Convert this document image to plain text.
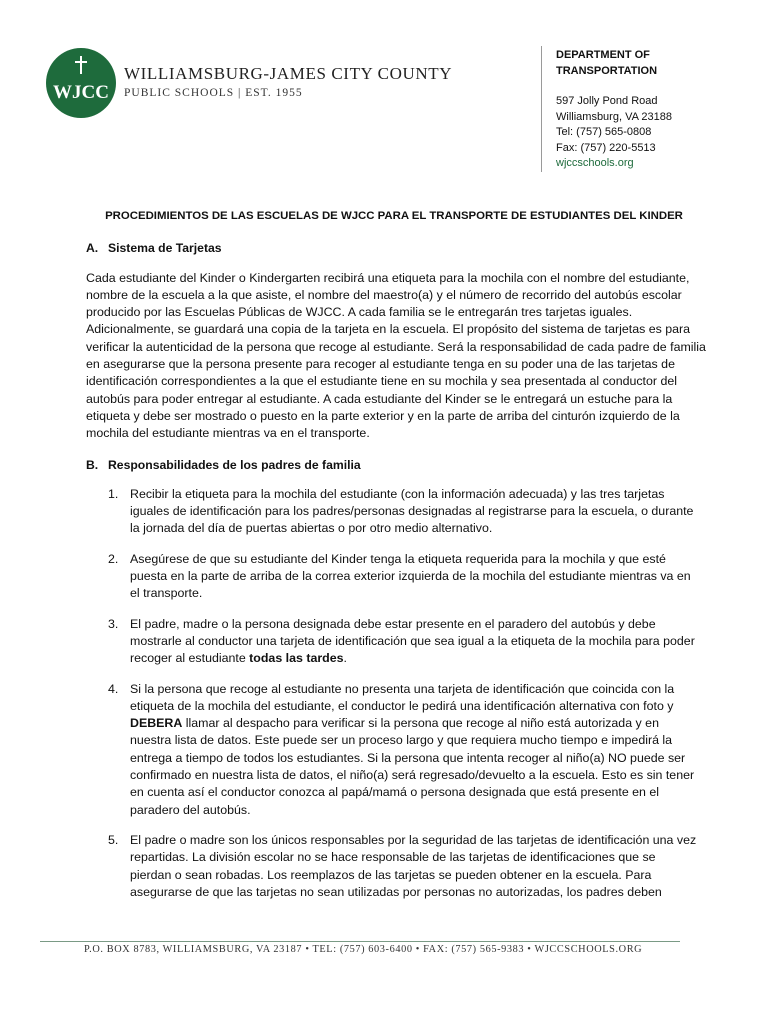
WJCC
WILLIAMSBURG-JAMES CITY COUNTY
PUBLIC SCHOOLS | EST. 1955
DEPARTMENT OF
TRANSPORTATION
597 Jolly Pond Road
Williamsburg, VA 23188
Tel: (757) 565-0808
Fax: (757) 220-5513
wjccschools.org
PROCEDIMIENTOS DE LAS ESCUELAS DE WJCC PARA EL TRANSPORTE DE ESTUDIANTES DEL KINDER
A. Sistema de Tarjetas

Cada estudiante del Kinder o Kindergarten recibirá una etiqueta para la mochila con el nombre del estudiante, nombre de la escuela a la que asiste, el nombre del maestro(a) y el número de recorrido del autobús escolar producido por las Escuelas Públicas de WJCC. A cada familia se le entregarán tres tarjetas iguales. Adicionalmente, se guardará una copia de la tarjeta en la escuela. El propósito del sistema de tarjetas es para verificar la autenticidad de la persona que recoge al estudiante. Será la responsabilidad de cada padre de familia en asegurarse que la persona presente para recoger al estudiante tenga en su poder una de las tarjetas de identificación correspondientes a la que el estudiante tiene en su mochila y sea presentada al conductor del autobús para poder entregar al estudiante. A cada estudiante del Kinder se le entregará un estuche para la etiqueta y debe ser mostrado o puesto en la parte exterior y en la parte de arriba del cinturón izquierdo de la mochila del estudiante mientras va en el transporte.

B. Responsabilidades de los padres de familia
1. Recibir la etiqueta para la mochila del estudiante (con la información adecuada) y las tres tarjetas iguales de identificación para los padres/personas designadas al registrarse para la escuela, o durante la jornada del día de puertas abiertas o por otro medio alternativo.
2. Asegúrese de que su estudiante del Kinder tenga la etiqueta requerida para la mochila y que esté puesta en la parte de arriba de la correa exterior izquierda de la mochila del estudiante mientras va en el transporte.
3. El padre, madre o la persona designada debe estar presente en el paradero del autobús y debe mostrarle al conductor una tarjeta de identificación que sea igual a la etiqueta de la mochila para poder recoger al estudiante todas las tardes.
4. Si la persona que recoge al estudiante no presenta una tarjeta de identificación que coincida con la etiqueta de la mochila del estudiante, el conductor le pedirá una identificación alternativa con foto y DEBERA llamar al despacho para verificar si la persona que recoge al niño está autorizada y en nuestra lista de datos. Este puede ser un proceso largo y que requiera mucho tiempo e impedirá la entrega a tiempo de todos los estudiantes. Si la persona que intenta recoger al niño(a) NO puede ser confirmado en nuestra lista de datos, el niño(a) será regresado/devuelto a la escuela. Esto es sin tener en cuenta así el conductor conozca al papá/mamá o persona designada que está presente en el paradero del autobús.
5. El padre o madre son los únicos responsables por la seguridad de las tarjetas de identificación una vez repartidas. La división escolar no se hace responsable de las tarjetas de identificaciones que se pierdan o sean robadas. Los reemplazos de las tarjetas se pueden obtener en la escuela. Para asegurarse de que las tarjetas no sean utilizadas por personas no autorizadas, los padres deben
P.O. BOX 8783, WILLIAMSBURG, VA 23187 • TEL: (757) 603-6400 • FAX: (757) 565-9383 • WJCCSCHOOLS.ORG
